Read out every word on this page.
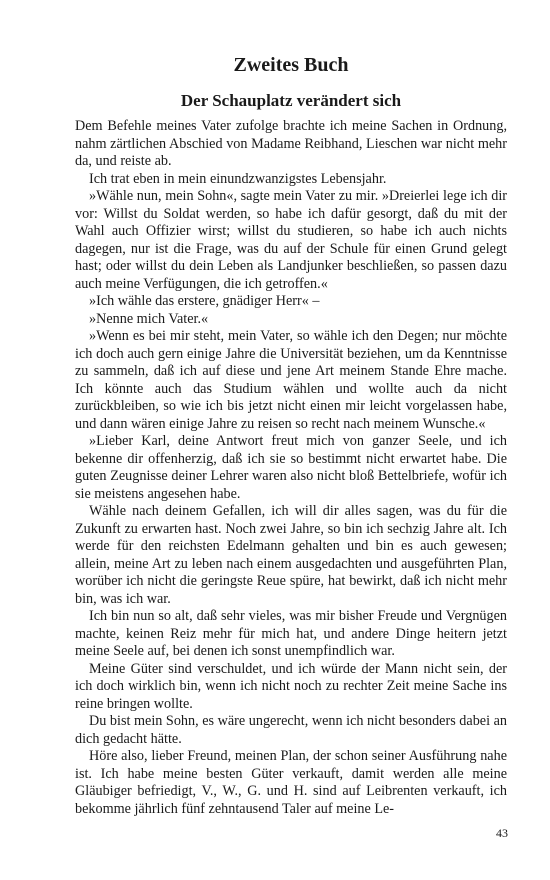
Zweites Buch
Der Schauplatz verändert sich

Dem Befehle meines Vater zufolge brachte ich meine Sachen in Ordnung, nahm zärtlichen Abschied von Madame Reibhand, Lieschen war nicht mehr da, und reiste ab.

Ich trat eben in mein einundzwanzigstes Lebensjahr.

»Wähle nun, mein Sohn«, sagte mein Vater zu mir. »Dreierlei lege ich dir vor: Willst du Soldat werden, so habe ich dafür gesorgt, daß du mit der Wahl auch Offizier wirst; willst du studieren, so habe ich auch nichts dagegen, nur ist die Frage, was du auf der Schule für einen Grund gelegt hast; oder willst du dein Leben als Landjunker beschließen, so passen dazu auch meine Verfügungen, die ich getroffen.«

»Ich wähle das erstere, gnädiger Herr« –

»Nenne mich Vater.«

»Wenn es bei mir steht, mein Vater, so wähle ich den Degen; nur möchte ich doch auch gern einige Jahre die Universität beziehen, um da Kenntnisse zu sammeln, daß ich auf diese und jene Art meinem Stande Ehre mache. Ich könnte auch das Studium wählen und wollte auch da nicht zurückbleiben, so wie ich bis jetzt nicht einen mir leicht vorgelassen habe, und dann wären einige Jahre zu reisen so recht nach meinem Wunsche.«

»Lieber Karl, deine Antwort freut mich von ganzer Seele, und ich bekenne dir offenherzig, daß ich sie so bestimmt nicht erwartet habe. Die guten Zeugnisse deiner Lehrer waren also nicht bloß Bettelbriefe, wofür ich sie meistens angesehen habe.

Wähle nach deinem Gefallen, ich will dir alles sagen, was du für die Zukunft zu erwarten hast. Noch zwei Jahre, so bin ich sechzig Jahre alt. Ich werde für den reichsten Edelmann gehalten und bin es auch gewesen; allein, meine Art zu leben nach einem ausgedachten und ausgeführten Plan, worüber ich nicht die geringste Reue spüre, hat bewirkt, daß ich nicht mehr bin, was ich war.

Ich bin nun so alt, daß sehr vieles, was mir bisher Freude und Vergnügen machte, keinen Reiz mehr für mich hat, und andere Dinge heitern jetzt meine Seele auf, bei denen ich sonst unempfindlich war.

Meine Güter sind verschuldet, und ich würde der Mann nicht sein, der ich doch wirklich bin, wenn ich nicht noch zu rechter Zeit meine Sache ins reine bringen wollte.

Du bist mein Sohn, es wäre ungerecht, wenn ich nicht besonders dabei an dich gedacht hätte.

Höre also, lieber Freund, meinen Plan, der schon seiner Ausführung nahe ist. Ich habe meine besten Güter verkauft, damit werden alle meine Gläubiger befriedigt, V., W., G. und H. sind auf Leibrenten verkauft, ich bekomme jährlich fünf zehntausend Taler auf meine Le-

43
